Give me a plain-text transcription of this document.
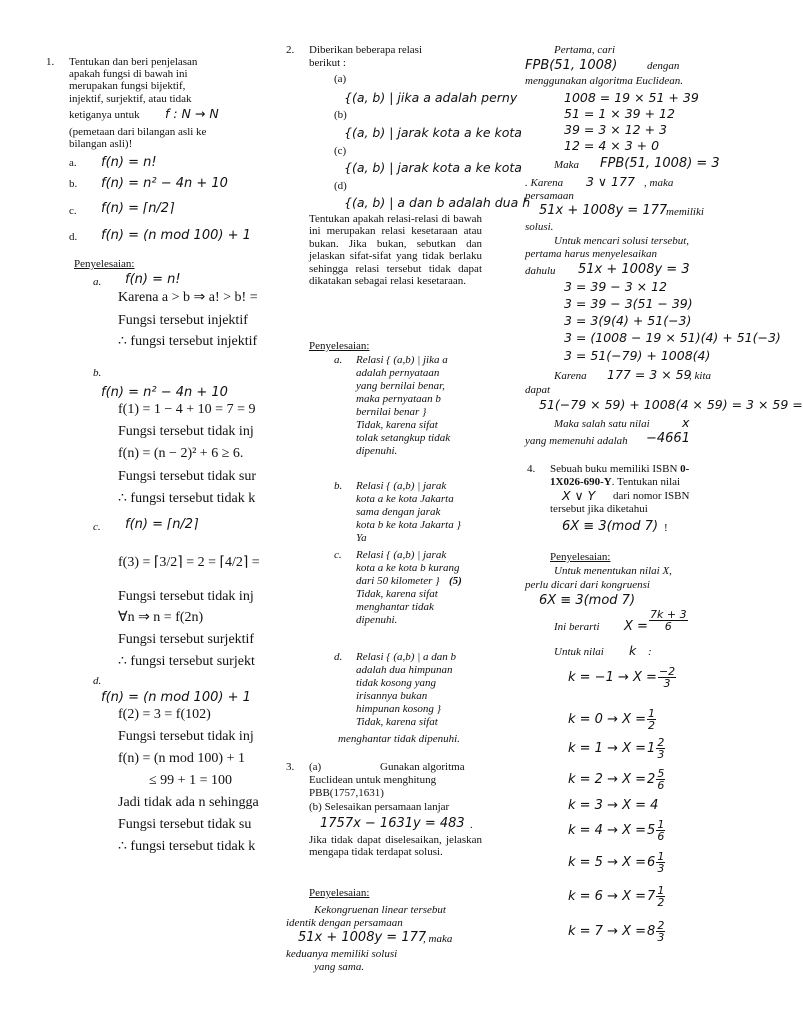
1. Tentukan dan beri penjelasan
apakah fungsi di bawah ini
merupakan fungsi bijektif,
injektif, surjektif, atau tidak
ketiganya untuk f : N → N
(pemetaan dari bilangan asli ke
bilangan asli)!
a. f(n) = n!
b. f(n) = n² − 4n + 10
c. f(n) = ⌈n/2⌉
d. f(n) = (n mod 100) + 1
Penyelesaian:
a. f(n) = n!
Karena a > b ⇒ a! > b! =
Fungsi tersebut injektif
∴ fungsi tersebut injektif
b.
f(n) = n² − 4n + 10
f(1) = 1 − 4 + 10 = 7 = 9
Fungsi tersebut tidak inj
f(n) = (n − 2)² + 6 ≥ 6.
Fungsi tersebut tidak sur
∴ fungsi tersebut tidak k
c. f(n) = ⌈n/2⌉
f(3) = ⌈3/2⌉ = 2 = ⌈4/2⌉ =
Fungsi tersebut tidak inj
∀n ⇒ n = f(2n)
Fungsi tersebut surjektif
∴ fungsi tersebut surjekt
d.
f(n) = (n mod 100) + 1
f(2) = 3 = f(102)
Fungsi tersebut tidak inj
f(n) = (n mod 100) + 1
≤ 99 + 1 = 100
Jadi tidak ada n sehingga
Fungsi tersebut tidak su
∴ fungsi tersebut tidak k
2. Diberikan beberapa relasi
berikut :
(a)
{(a, b) | jika a adalah perny
(b)
{(a, b) | jarak kota a ke kota
(c)
{(a, b) | jarak kota a ke kota
(d)
{(a, b) | a dan b adalah dua h
Tentukan apakah relasi-relasi di bawah ini merupakan relasi kesetaraan atau bukan. Jika bukan, sebutkan dan jelaskan sifat-sifat yang tidak berlaku sehingga relasi tersebut tidak dapat dikatakan sebagai relasi kesetaraan.
Penyelesaian:
a. Relasi { (a,b) | jika a
adalah pernyataan
yang bernilai benar,
maka pernyataan b
bernilai benar }
Tidak, karena sifat
tolak setangkup tidak
dipenuhi.
b. Relasi { (a,b) | jarak
kota a ke kota Jakarta
sama dengan jarak
kota b ke kota Jakarta }
Ya
c. Relasi { (a,b) | jarak
kota a ke kota b kurang
dari 50 kilometer } (5)
Tidak, karena sifat
menghantar tidak
dipenuhi.
d. Relasi { (a,b) | a dan b
adalah dua himpunan
tidak kosong yang
irisannya bukan
himpunan kosong }
Tidak, karena sifat
menghantar tidak dipenuhi.
3. (a)	Gunakan algoritma
Euclidean untuk menghitung
PBB(1757,1631)
(b) Selesaikan persamaan lanjar
1757x − 1631y = 483 .
Jika tidak dapat diselesaikan, jelaskan mengapa tidak terdapat solusi.
Penyelesaian:
Kekongruenan linear tersebut
identik dengan persamaan
51x + 1008y = 177
, maka
keduanya memiliki solusi
yang sama.
Pertama, cari
FPB(51, 1008)	dengan
menggunakan algoritma Euclidean.
1008 = 19 × 51 + 39
51 = 1 × 39 + 12
39 = 3 × 12 + 3
12 = 4 × 3 + 0
Maka FPB(51, 1008) = 3
. Karena 3 ∨ 177 , maka
persamaan
51x + 1008y = 177
memiliki
solusi.
Untuk mencari solusi tersebut,
pertama harus menyelesaikan
dahulu 51x + 1008y = 3
3 = 39 − 3 × 12
3 = 39 − 3(51 − 39)
3 = 3(9(4) + 51(−3)
3 = (1008 − 19 × 51)(4) + 51(−3)
3 = 51(−79) + 1008(4)
Karena 177 = 3 × 59
, kita
dapat
51(−79 × 59) + 1008(4 × 59) = 3 × 59 =
Maka salah satu nilai	x
yang memenuhi adalah −4661
4. Sebuah buku memiliki ISBN 0-
1X026-690-Y. Tentukan nilai
X ∨ Y dari nomor ISBN
tersebut jika diketahui
6X ≡ 3(mod 7) !
Penyelesaian:
Untuk menentukan nilai X,
perlu dicari dari kongruensi
6X ≡ 3(mod 7)
Ini berarti $X = \frac{7k + 3}{6}$
Untuk nilai k :
$k = -1 \to X = \frac{-2}{3}$
$k = 0 \to X = \frac{1}{2}$
$k = 1 \to X = 1 \frac{2}{3}$
$k = 2 \to X = 2 \frac{5}{6}$
k = 3 → X = 4
$k = 4 \to X = 5 \frac{1}{6}$
$k = 5 \to X = 6 \frac{1}{3}$
$k = 6 \to X = 7 \frac{1}{2}$
$k = 7 \to X = 8 \frac{2}{3}$
